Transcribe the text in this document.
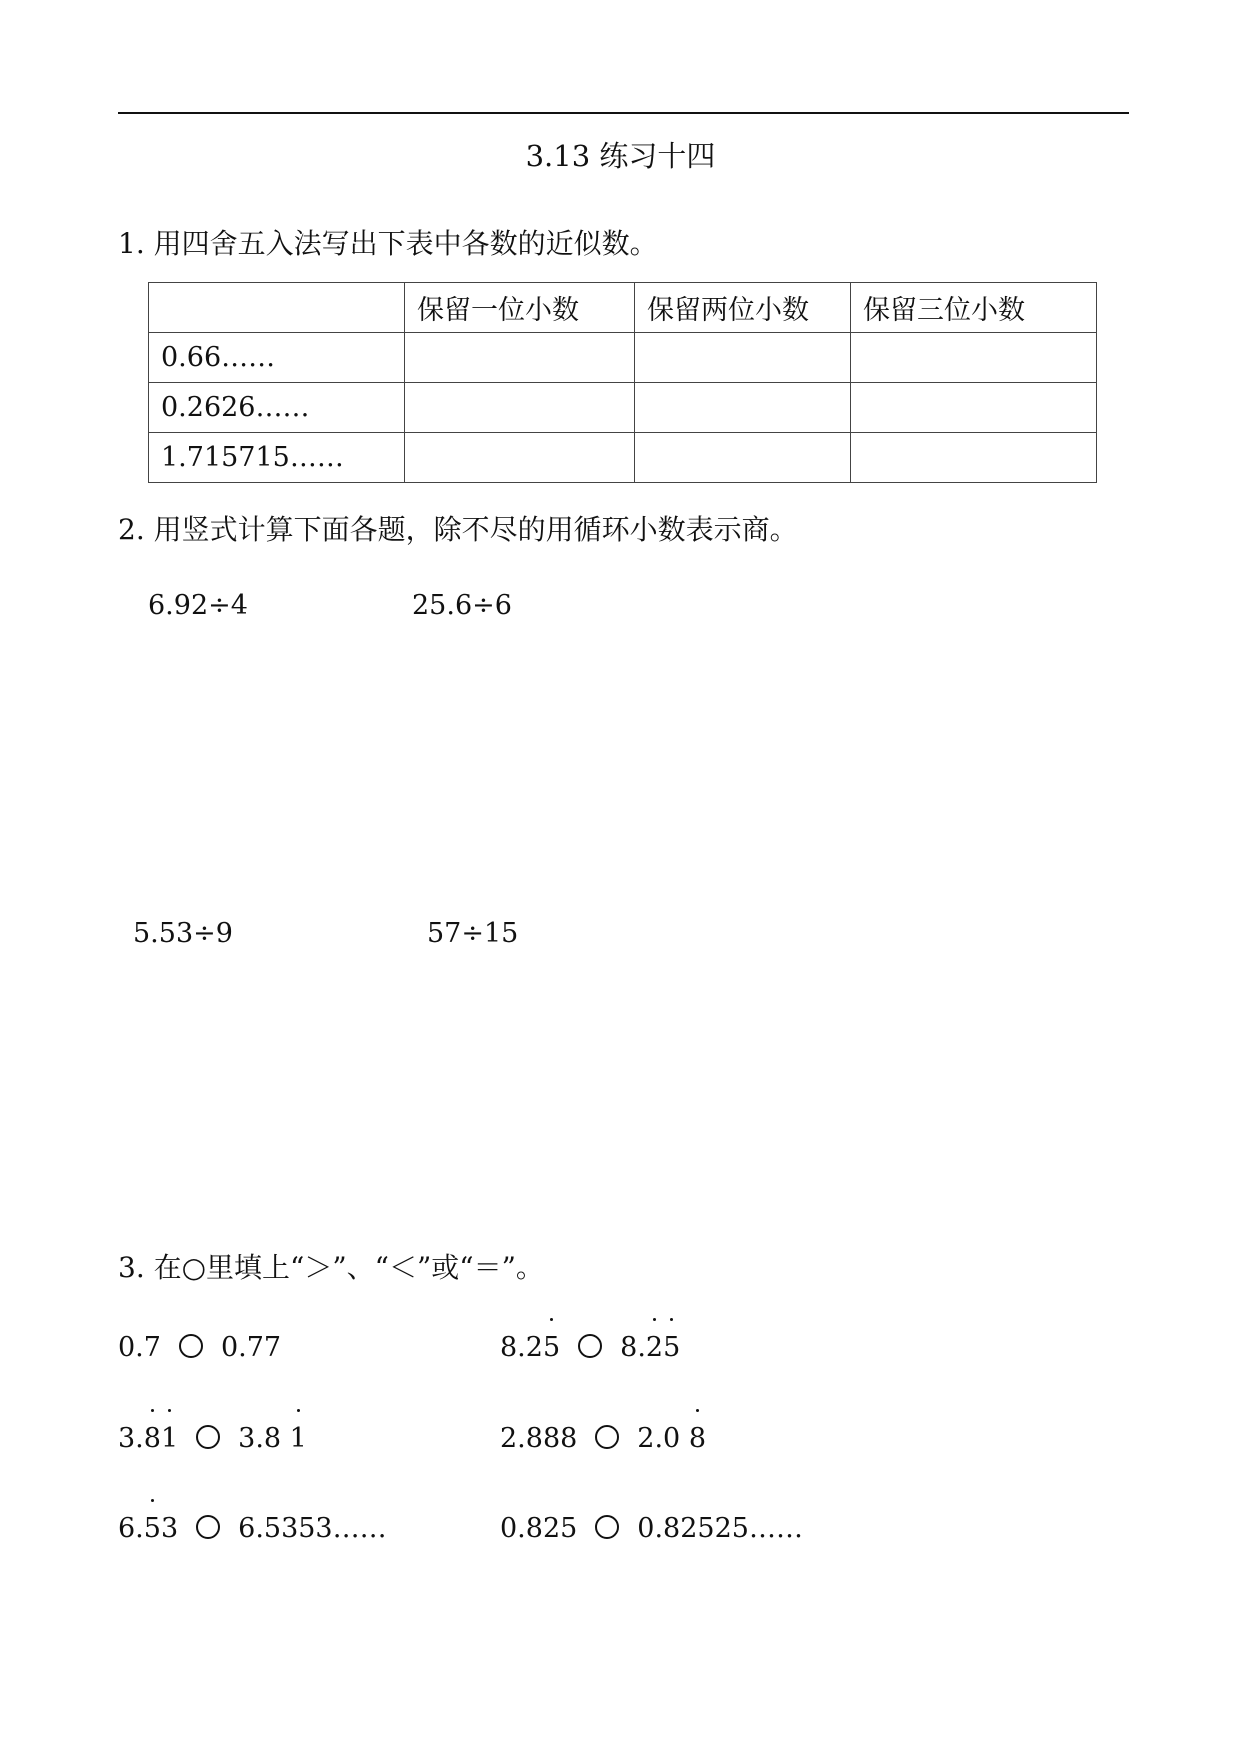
3.13 练习十四
1. 用四舍五入法写出下表中各数的近似数。
	保留一位小数	保留两位小数	保留三位小数
0.66……			
0.2626……			
1.715715……			
2. 用竖式计算下面各题，除不尽的用循环小数表示商。
6.92÷4	25.6÷6
5.53÷9	57÷15
3. 在○里填上“＞”、“＜”或“＝”。
0.7 0.77	8.25 8.25
3.81 3.8 1	2.888 2.0 8
6.53 6.5353……	0.825 0.82525……
